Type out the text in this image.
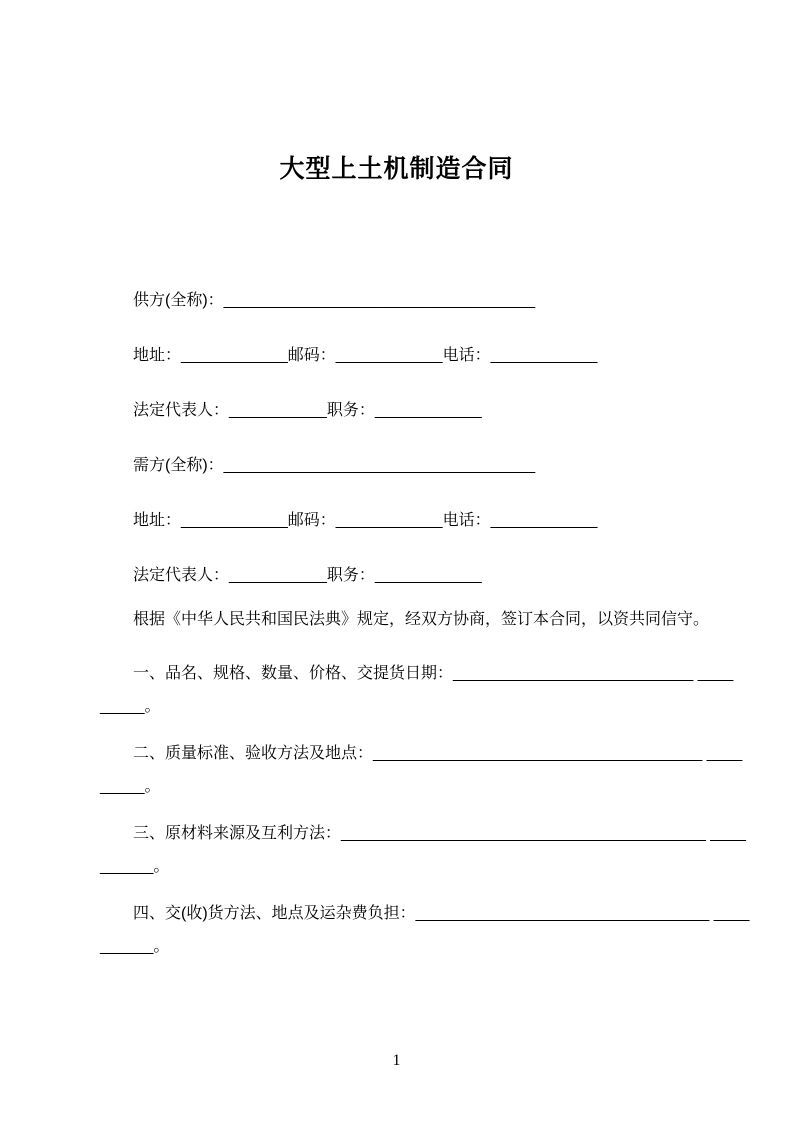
大型上土机制造合同
供方(全称)：___________________________________
地址：____________邮码：____________电话：____________
法定代表人：___________职务：____________
需方(全称)：___________________________________
地址：____________邮码：____________电话：____________
法定代表人：___________职务：____________
根据《中华人民共和国民法典》规定，经双方协商，签订本合同，以资共同信守。
一、品名、规格、数量、价格、交提货日期：___________________________ ____
_____。
二、质量标准、验收方法及地点：_____________________________________ ____
_____。
三、原材料来源及互利方法：_________________________________________ ____
______。
四、交(收)货方法、地点及运杂费负担：_________________________________ ____
______。
1
